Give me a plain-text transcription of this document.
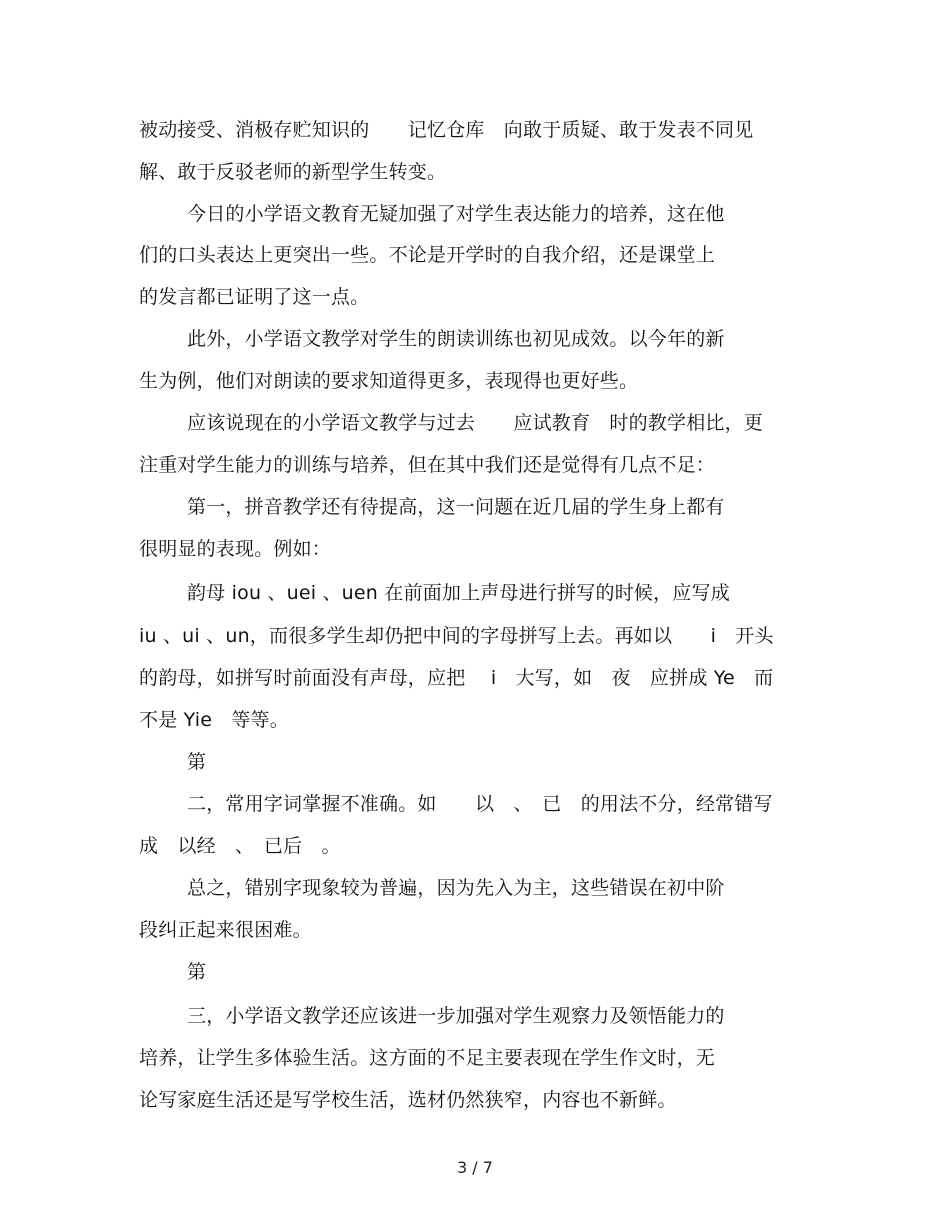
被动接受、消极存贮知识的　　记忆仓库　向敢于质疑、敢于发表不同见
解、敢于反驳老师的新型学生转变。
今日的小学语文教育无疑加强了对学生表达能力的培养，这在他
们的口头表达上更突出一些。不论是开学时的自我介绍，还是课堂上
的发言都已证明了这一点。
此外，小学语文教学对学生的朗读训练也初见成效。以今年的新
生为例，他们对朗读的要求知道得更多，表现得也更好些。
应该说现在的小学语文教学与过去　　应试教育　时的教学相比，更
注重对学生能力的训练与培养，但在其中我们还是觉得有几点不足：
第一，拼音教学还有待提高，这一问题在近几届的学生身上都有
很明显的表现。例如：
韵母 iou 、uei 、uen 在前面加上声母进行拼写的时候，应写成
iu 、ui 、un，而很多学生却仍把中间的字母拼写上去。再如以　　i　开头
的韵母，如拼写时前面没有声母，应把　 i　大写，如　夜　应拼成 Ye　而
不是 Yie　等等。
第
二，常用字词掌握不准确。如　　以　、　已　的用法不分，经常错写
成　以经　、　已后　。
总之，错别字现象较为普遍，因为先入为主，这些错误在初中阶
段纠正起来很困难。
第
三，小学语文教学还应该进一步加强对学生观察力及领悟能力的
培养，让学生多体验生活。这方面的不足主要表现在学生作文时，无
论写家庭生活还是写学校生活，选材仍然狭窄，内容也不新鲜。
3 / 7
